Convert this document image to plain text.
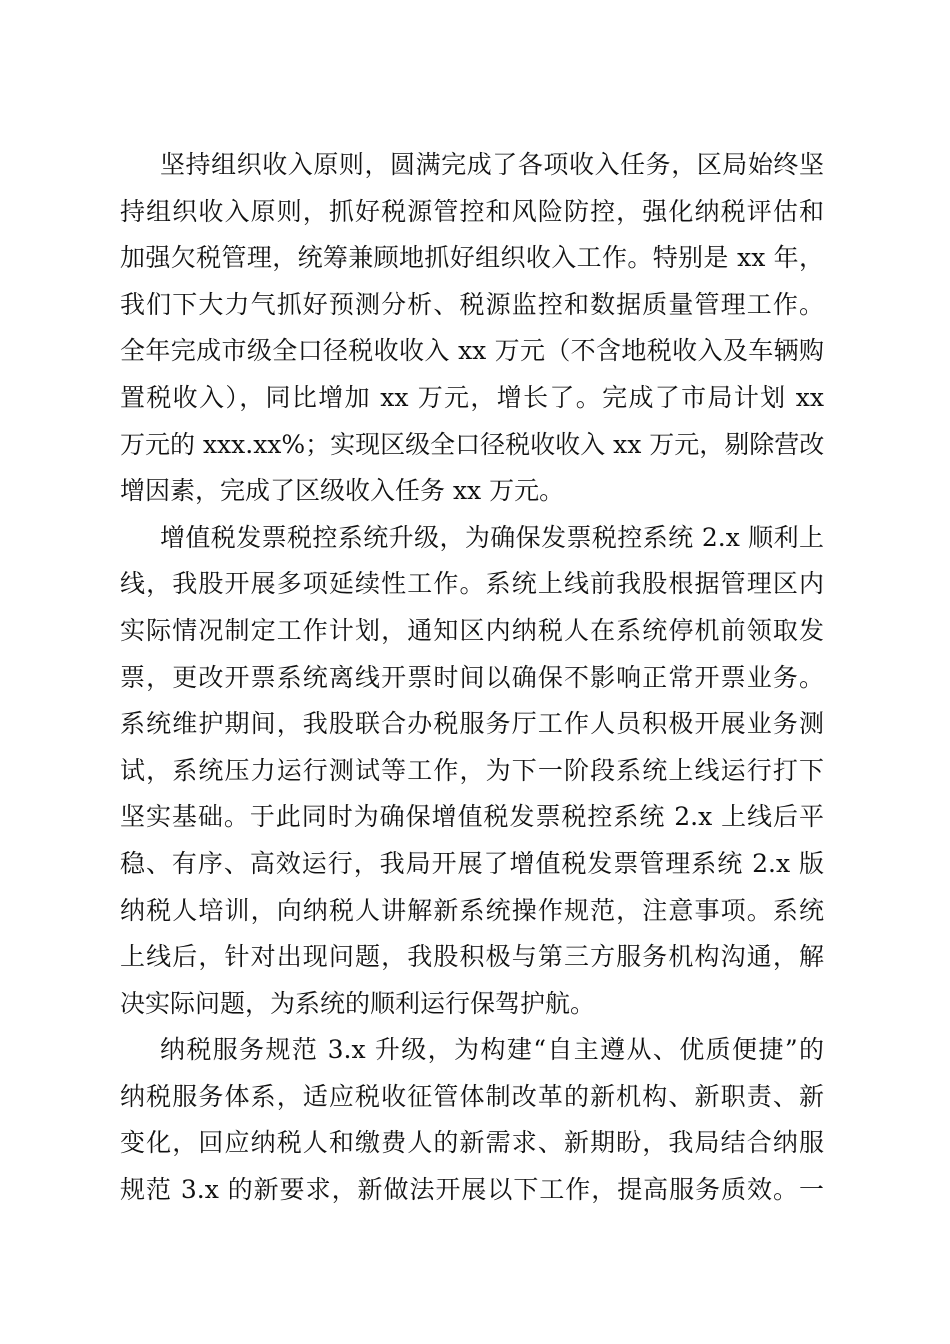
坚持组织收入原则，圆满完成了各项收入任务，区局始终坚
持组织收入原则，抓好税源管控和风险防控，强化纳税评估和
加强欠税管理，统筹兼顾地抓好组织收入工作。特别是 xx 年，
我们下大力气抓好预测分析、税源监控和数据质量管理工作。
全年完成市级全口径税收收入 xx 万元（不含地税收入及车辆购
置税收入），同比增加 xx 万元，增长了。完成了市局计划 xx
万元的 xxx.xx%；实现区级全口径税收收入 xx 万元，剔除营改
增因素，完成了区级收入任务 xx 万元。
增值税发票税控系统升级，为确保发票税控系统 2.x 顺利上
线，我股开展多项延续性工作。系统上线前我股根据管理区内
实际情况制定工作计划，通知区内纳税人在系统停机前领取发
票，更改开票系统离线开票时间以确保不影响正常开票业务。
系统维护期间，我股联合办税服务厅工作人员积极开展业务测
试，系统压力运行测试等工作，为下一阶段系统上线运行打下
坚实基础。于此同时为确保增值税发票税控系统 2.x 上线后平
稳、有序、高效运行，我局开展了增值税发票管理系统 2.x 版
纳税人培训，向纳税人讲解新系统操作规范，注意事项。系统
上线后，针对出现问题，我股积极与第三方服务机构沟通，解
决实际问题，为系统的顺利运行保驾护航。
纳税服务规范 3.x 升级，为构建“自主遵从、优质便捷”的
纳税服务体系，适应税收征管体制改革的新机构、新职责、新
变化，回应纳税人和缴费人的新需求、新期盼，我局结合纳服
规范 3.x 的新要求，新做法开展以下工作，提高服务质效。一
